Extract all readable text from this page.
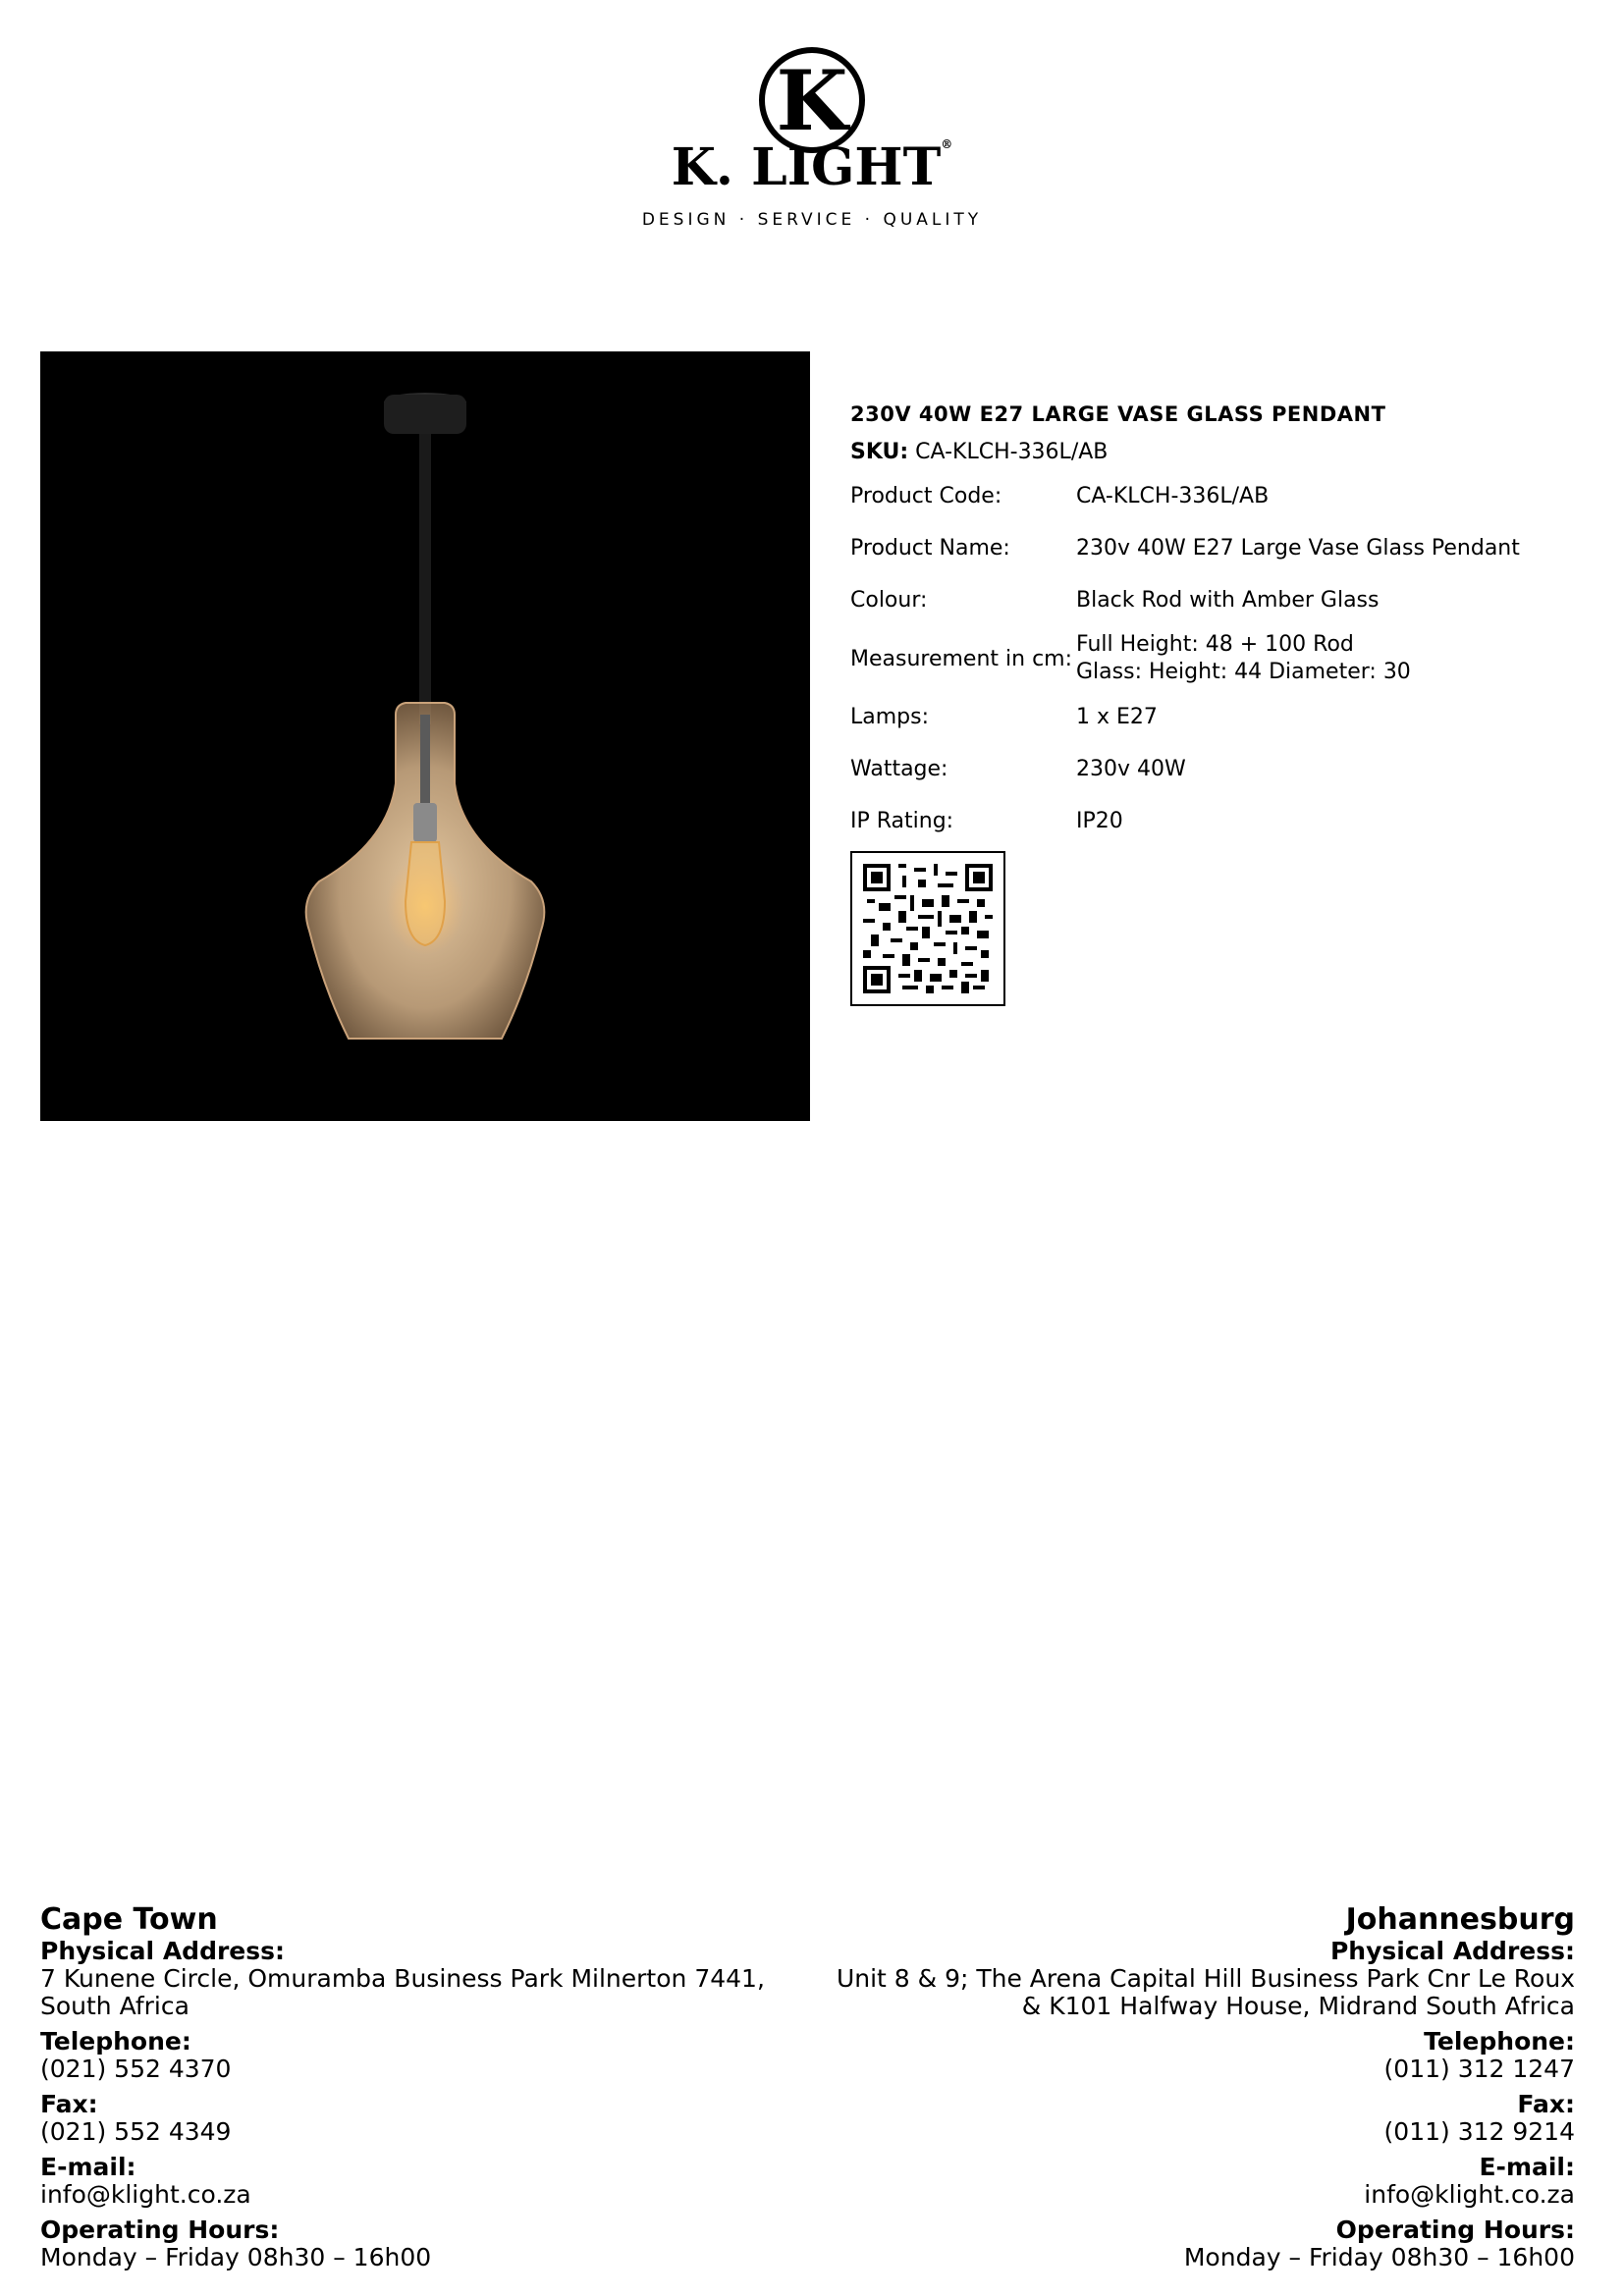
K
K. LIGHT®
DESIGN · SERVICE · QUALITY
230V 40W E27 LARGE VASE GLASS PENDANT
SKU: CA-KLCH-336L/AB
Product Code:	CA-KLCH-336L/AB
Product Name:	230v 40W E27 Large Vase Glass Pendant
Colour:	Black Rod with Amber Glass
Measurement in cm:
Full Height: 48 + 100 Rod
Glass: Height: 44 Diameter: 30
Lamps:	1 x E27
Wattage:	230v 40W
IP Rating:	IP20
Cape Town
Physical Address:
7 Kunene Circle, Omuramba Business Park Milnerton 7441,
South Africa
Telephone:
(021) 552 4370
Fax:
(021) 552 4349
E-mail:
info@klight.co.za
Operating Hours:
Monday – Friday 08h30 – 16h00
Johannesburg
Physical Address:
Unit 8 & 9; The Arena Capital Hill Business Park Cnr Le Roux
& K101 Halfway House, Midrand South Africa
Telephone:
(011) 312 1247
Fax:
(011) 312 9214
E-mail:
info@klight.co.za
Operating Hours:
Monday – Friday 08h30 – 16h00
